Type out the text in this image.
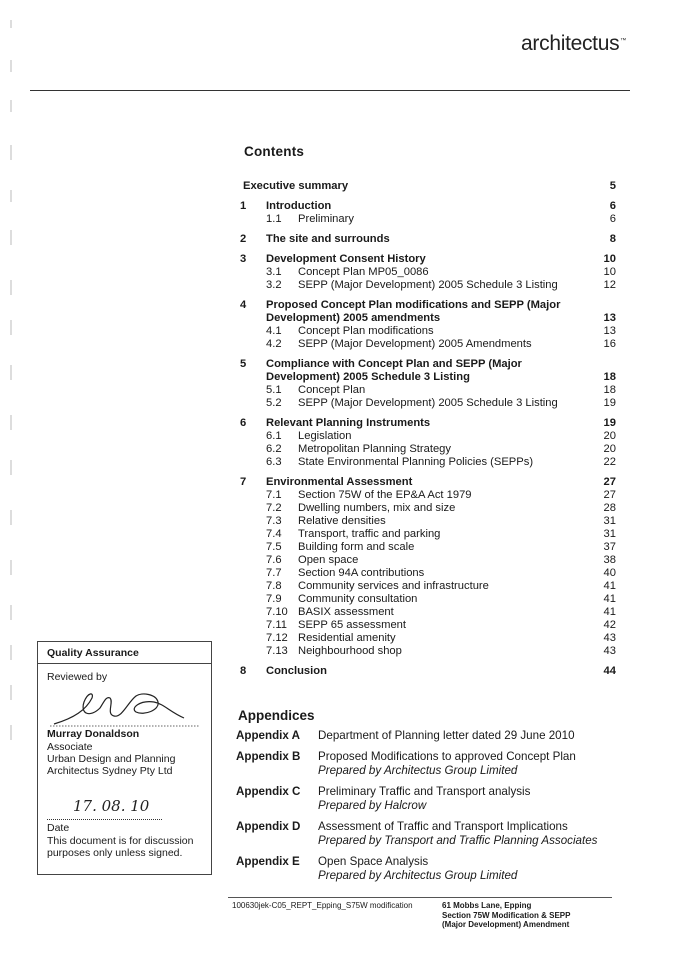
architectus™
Contents
Executive summary	5
1	Introduction	6
1.1	Preliminary	6
2	The site and surrounds	8
3	Development Consent History	10
3.1	Concept Plan MP05_0086	10
3.2	SEPP (Major Development) 2005 Schedule 3 Listing	12
4	Proposed Concept Plan modifications and SEPP (Major Development) 2005 amendments	13
4.1	Concept Plan modifications	13
4.2	SEPP (Major Development) 2005 Amendments	16
5	Compliance with Concept Plan and SEPP (Major Development) 2005 Schedule 3 Listing	18
5.1	Concept Plan	18
5.2	SEPP (Major Development) 2005 Schedule 3 Listing	19
6	Relevant Planning Instruments	19
6.1	Legislation	20
6.2	Metropolitan Planning Strategy	20
6.3	State Environmental Planning Policies (SEPPs)	22
7	Environmental Assessment	27
7.1	Section 75W of the EP&A Act 1979	27
7.2	Dwelling numbers, mix and size	28
7.3	Relative densities	31
7.4	Transport, traffic and parking	31
7.5	Building form and scale	37
7.6	Open space	38
7.7	Section 94A contributions	40
7.8	Community services and infrastructure	41
7.9	Community consultation	41
7.10 BASIX assessment	41
7.11 SEPP 65 assessment	42
7.12 Residential amenity	43
7.13 Neighbourhood shop	43
8	Conclusion	44
Appendices
Appendix A	Department of Planning letter dated 29 June 2010
Appendix B	Proposed Modifications to approved Concept Plan
Prepared by Architectus Group Limited
Appendix C	Preliminary Traffic and Transport analysis
Prepared by Halcrow
Appendix D	Assessment of Traffic and Transport Implications
Prepared by Transport and Traffic Planning Associates
Appendix E	Open Space Analysis
Prepared by Architectus Group Limited
Quality Assurance
Reviewed by
Murray Donaldson
Associate
Urban Design and Planning
Architectus Sydney Pty Ltd
17. 08. 10
Date
This document is for discussion purposes only unless signed.
100630jek-C05_REPT_Epping_S75W modification	61 Mobbs Lane, Epping
Section 75W Modification & SEPP
(Major Development) Amendment
